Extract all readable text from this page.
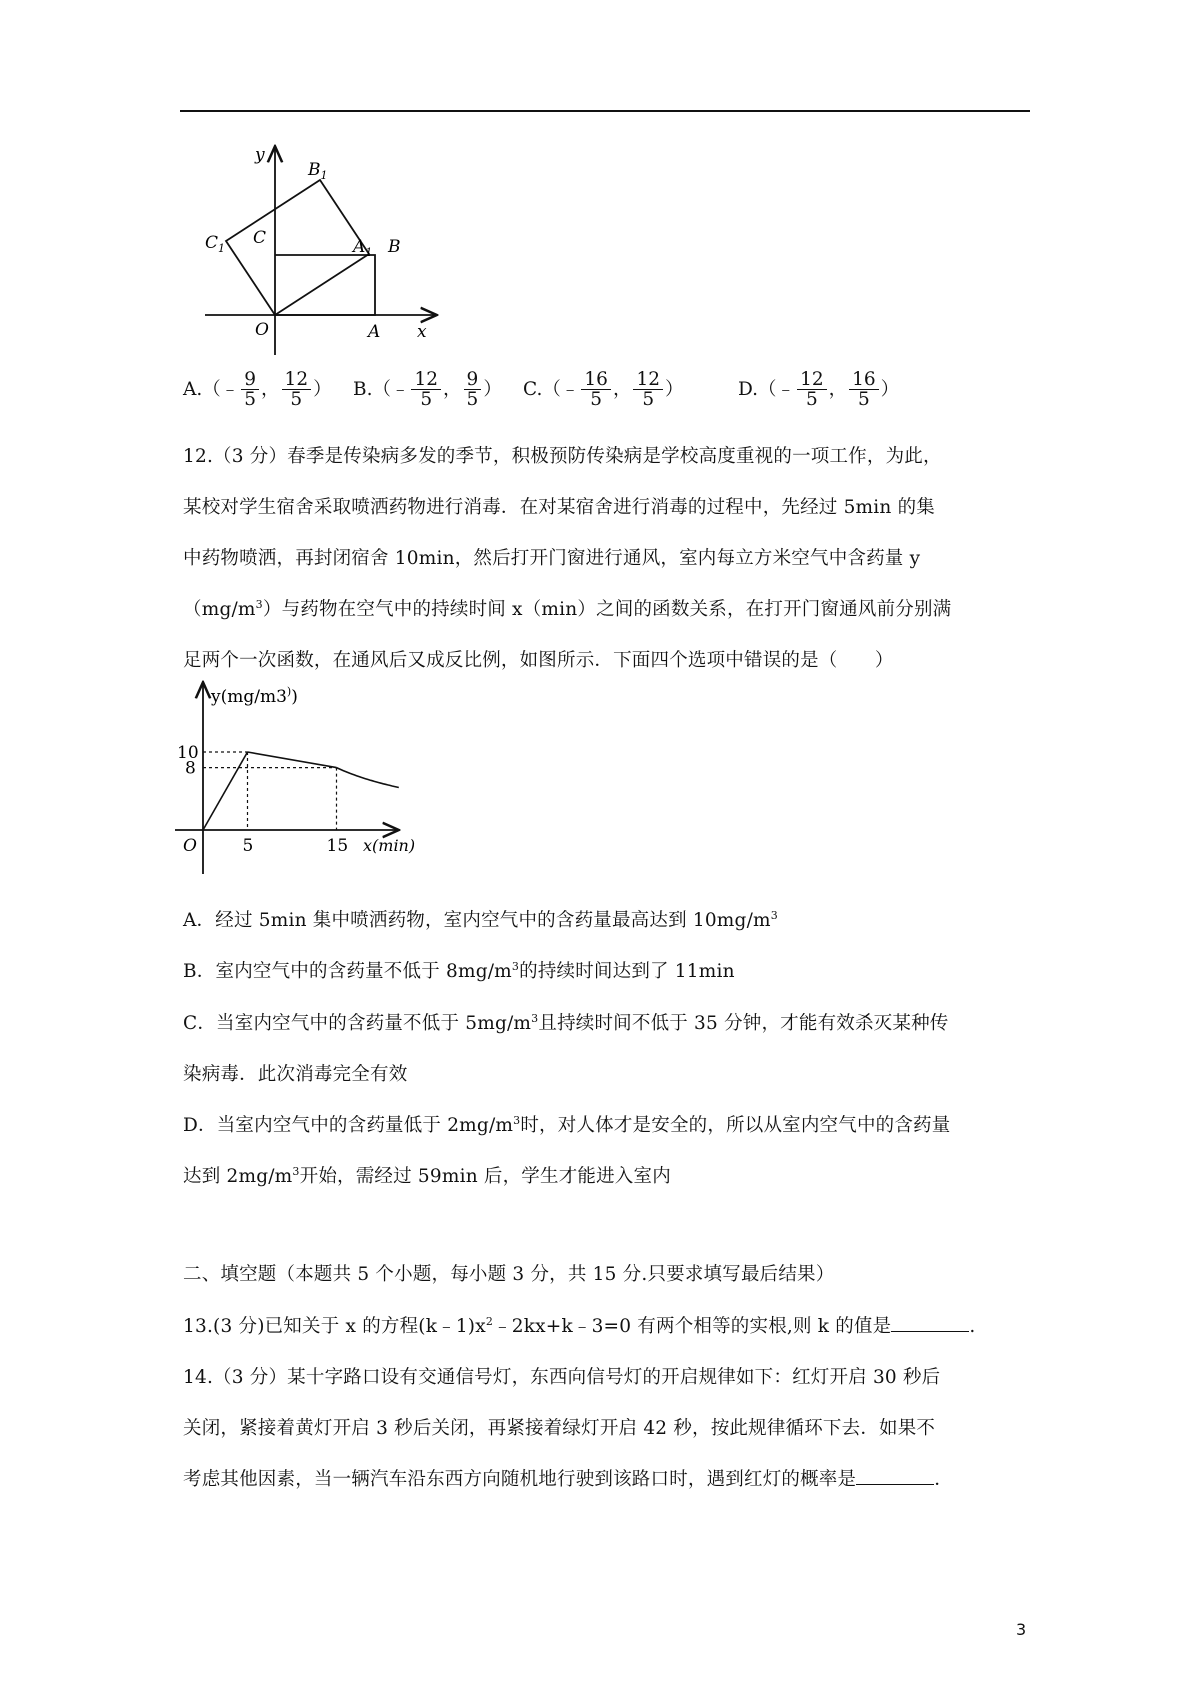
y
x
O	A
C	B
$A_1$
$C_1$
$B_1$
A.（﹣ $\frac{9}{5}$ ， $\frac{12}{5}$ ） B.（﹣ $\frac{12}{5}$ ， $\frac{9}{5}$ ） C.（﹣ $\frac{16}{5}$ ， $\frac{12}{5}$ ）	D.（﹣ $\frac{12}{5}$ ， $\frac{16}{5}$ ）
12.（3 分）春季是传染病多发的季节，积极预防传染病是学校高度重视的一项工作，为此，
某校对学生宿舍采取喷洒药物进行消毒．在对某宿舍进行消毒的过程中，先经过 5min 的集
中药物喷洒，再封闭宿舍 10min，然后打开门窗进行通风，室内每立方米空气中含药量 y
$(mg/m^3)$与药物在空气中的持续时间 x（min）之间的函数关系，在打开门窗通风前分别满
足两个一次函数，在通风后又成反比例，如图所示．下面四个选项中错误的是（　　）
10
8
5	15
O	x(min)
y(mg/m3))
A．经过 5min 集中喷洒药物，室内空气中的含药量最高达到 $10mg/m^3$
B．室内空气中的含药量不低于 $8mg/m^3$的持续时间达到了 11min
C．当室内空气中的含药量不低于 $5mg/m^3$且持续时间不低于 35 分钟，才能有效杀灭某种传
染病毒．此次消毒完全有效
D．当室内空气中的含药量低于 $2mg/m^3$时，对人体才是安全的，所以从室内空气中的含药量
达到 $2mg/m^3$开始，需经过 59min 后，学生才能进入室内
二、填空题（本题共 5 个小题，每小题 3 分，共 15 分.只要求填写最后结果）
13.(3 分)已知关于 x 的方程$(k﹣1)x^2﹣2kx+k﹣3=0$ 有两个相等的实根,则 k 的值是	.
14.（3 分）某十字路口设有交通信号灯，东西向信号灯的开启规律如下：红灯开启 30 秒后
关闭，紧接着黄灯开启 3 秒后关闭，再紧接着绿灯开启 42 秒，按此规律循环下去．如果不
考虑其他因素，当一辆汽车沿东西方向随机地行驶到该路口时，遇到红灯的概率是	．
3
